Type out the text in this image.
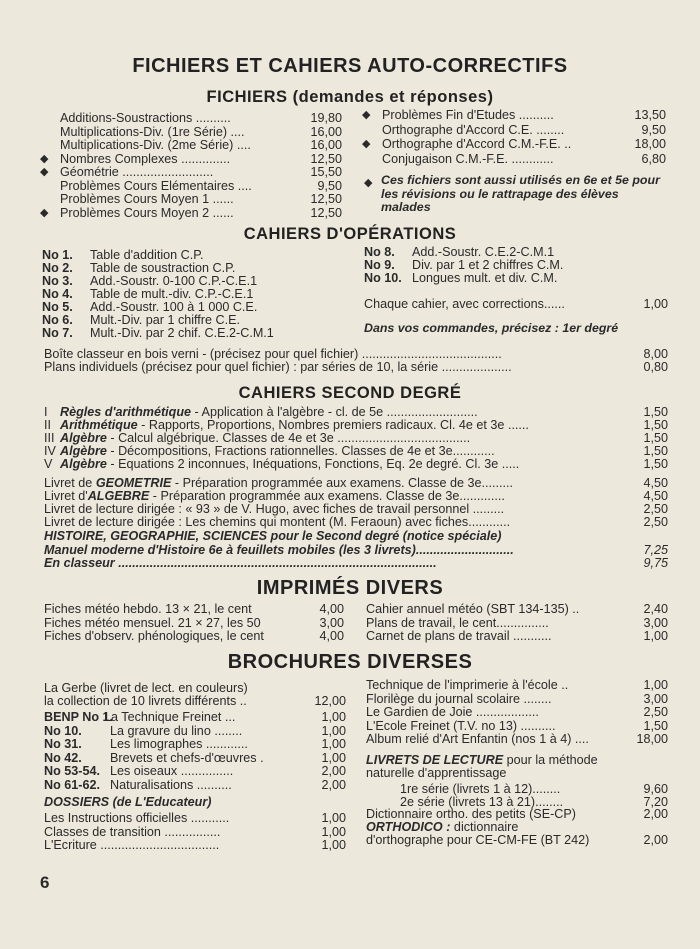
FICHIERS ET CAHIERS AUTO-CORRECTIFS
FICHIERS (demandes et réponses)
Additions-Soustractions ..........	19,80
Multiplications-Div. (1re Série) ....	16,00
Multiplications-Div. (2me Série) ....	16,00
◆ Nombres Complexes ..............	12,50
◆ Géométrie ..........................	15,50
Problèmes Cours Elémentaires ....	9,50
Problèmes Cours Moyen 1 ......	12,50
◆ Problèmes Cours Moyen 2 ......	12,50
◆ Problèmes Fin d'Etudes ..........	13,50
Orthographe d'Accord C.E. ........	9,50
◆ Orthographe d'Accord C.M.-F.E. ..	18,00
Conjugaison C.M.-F.E. ............	6,80
◆ Ces fichiers sont aussi utilisés en 6e et 5e pour les révisions ou le rattrapage des élèves malades
CAHIERS D'OPÉRATIONS
No 1. Table d'addition C.P.
No 2. Table de soustraction C.P.
No 3. Add.-Soustr. 0-100 C.P.-C.E.1
No 4. Table de mult.-div. C.P.-C.E.1
No 5. Add.-Soustr. 100 à 1 000 C.E.
No 6. Mult.-Div. par 1 chiffre C.E.
No 7. Mult.-Div. par 2 chif. C.E.2-C.M.1
No 8. Add.-Soustr. C.E.2-C.M.1
No 9. Div. par 1 et 2 chiffres C.M.
No 10. Longues mult. et div. C.M.
Chaque cahier, avec corrections......	1,00
Dans vos commandes, précisez : 1er degré
Boîte classeur en bois verni - (précisez pour quel fichier) ........................................	8,00
Plans individuels (précisez pour quel fichier) : par séries de 10, la série ....................	0,80
CAHIERS SECOND DEGRÉ
I Règles d'arithmétique - Application à l'algèbre - cl. de 5e ..........................	1,50
II Arithmétique - Rapports, Proportions, Nombres premiers radicaux. Cl. 4e et 3e ......	1,50
III Algèbre - Calcul algébrique. Classes de 4e et 3e ......................................	1,50
IV Algèbre - Décompositions, Fractions rationnelles. Classes de 4e et 3e............	1,50
V Algèbre - Equations 2 inconnues, Inéquations, Fonctions, Eq. 2e degré. Cl. 3e .....	1,50
Livret de GEOMETRIE - Préparation programmée aux examens. Classe de 3e.........	4,50
Livret d'ALGEBRE - Préparation programmée aux examens. Classe de 3e.............	4,50
Livret de lecture dirigée : « 93 » de V. Hugo, avec fiches de travail personnel .........	2,50
Livret de lecture dirigée : Les chemins qui montent (M. Feraoun) avec fiches............	2,50
HISTOIRE, GEOGRAPHIE, SCIENCES pour le Second degré (notice spéciale)
Manuel moderne d'Histoire 6e à feuillets mobiles (les 3 livrets)............................	7,25
En classeur ...........................................................................................	9,75
IMPRIMÉS DIVERS
Fiches météo hebdo. 13 × 21, le cent	4,00
Fiches météo mensuel. 21 × 27, les 50	3,00
Fiches d'observ. phénologiques, le cent	4,00
Cahier annuel météo (SBT 134-135) ..	2,40
Plans de travail, le cent...............	3,00
Carnet de plans de travail ...........	1,00
BROCHURES DIVERSES
La Gerbe (livret de lect. en couleurs)
la collection de 10 livrets différents ..	12,00
BENP No 1.La Technique Freinet ...	1,00
No 10. La gravure du lino ........	1,00
No 31. Les limographes ............	1,00
No 42. Brevets et chefs-d'œuvres .	1,00
No 53-54. Les oiseaux ...............	2,00
No 61-62. Naturalisations ..........	2,00
DOSSIERS (de L'Educateur)
Les Instructions officielles ...........	1,00
Classes de transition ................	1,00
L'Ecriture ..................................	1,00
Technique de l'imprimerie à l'école ..	1,00
Florilège du journal scolaire ........	3,00
Le Gardien de Joie ..................	2,50
L'Ecole Freinet (T.V. no 13) ..........	1,50
Album relié d'Art Enfantin (nos 1 à 4) ....	18,00
LIVRETS DE LECTURE pour la méthode
naturelle d'apprentissage
1re série (livrets 1 à 12)........	9,60
2e série (livrets 13 à 21)........	7,20
Dictionnaire ortho. des petits (SE-CP)	2,00
ORTHODICO : dictionnaire
d'orthographe pour CE-CM-FE (BT 242)	2,00
6
